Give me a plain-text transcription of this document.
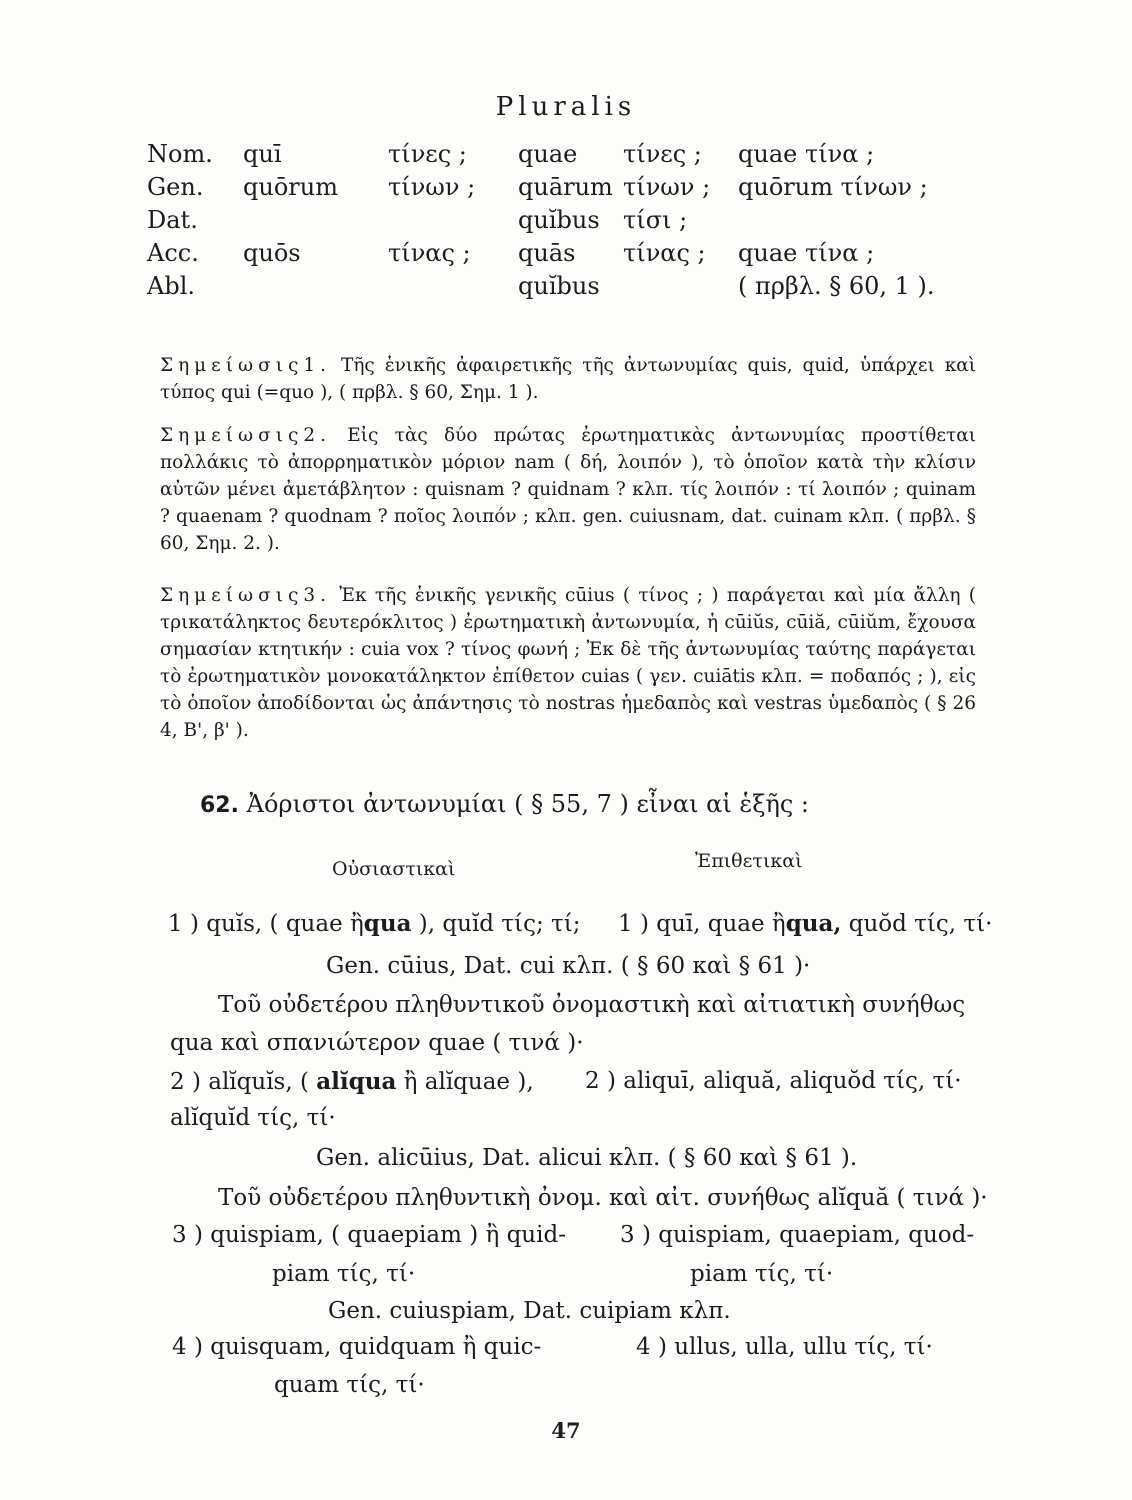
Pluralis
Nom.	quī	τίνες ;	quae	τίνες ;	quae τίνα ;
Gen.	quōrum	τίνων ;	quārum	τίνων ;	quōrum τίνων ;
Dat.			quĭbus	τίσι ;	
Acc.	quōs	τίνας ;	quās	τίνας ;	quae τίνα ;
Abl.			quĭbus		( πρβλ. § 60, 1 ).

Σημείωσις1. Τῆς ἑνικῆς ἀφαιρετικῆς τῆς ἀντωνυμίας quis, quid, ὑπάρχει καὶ τύπος qui (=quo ), ( πρβλ. § 60, Σημ. 1 ).

Σημείωσις2. Εἰς τὰς δύο πρώτας ἐρωτηματικὰς ἀντωνυμίας προστίθεται πολλάκις τὸ ἀπορρηματικὸν μόριον nam ( δή, λοιπόν ), τὸ ὁποῖον κατὰ τὴν κλίσιν αὐτῶν μένει ἀμετάβλητον : quisnam ? quidnam ? κλπ. τίς λοιπόν : τί λοιπόν ; quinam ? quaenam ? quodnam ? ποῖος λοιπόν ; κλπ. gen. cuiusnam, dat. cuinam κλπ. ( πρβλ. § 60, Σημ. 2. ).

Σημείωσις3. Ἐκ τῆς ἑνικῆς γενικῆς cūius ( τίνος ; ) παράγεται καὶ μία ἄλλη ( τρικατάληκτος δευτερόκλιτος ) ἐρωτηματικὴ ἀντωνυμία, ἡ cūiŭs, cūiă, cūiŭm, ἔχουσα σημασίαν κτητικήν : cuia vox ? τίνος φωνή ; Ἐκ δὲ τῆς ἀντωνυμίας ταύτης παράγεται τὸ ἐρωτηματικὸν μονοκατάληκτον ἐπίθετον cuias ( γεν. cuiātis κλπ. = ποδαπός ; ), εἰς τὸ ὁποῖον ἀποδίδονται ὡς ἀπάντησις τὸ nostras ἡμεδαπὸς καὶ vestras ὑμεδαπὸς ( § 26 4, Β', β' ).

62. Ἀόριστοι ἀντωνυμίαι ( § 55, 7 ) εἶναι αἱ ἑξῆς :
Οὐσιαστικαὶ	Ἐπιθετικαὶ
1 ) quĭs, ( quae ἢqua ), quĭd τίς; τί; 1 ) quī, quae ἢqua, quŏd τίς, τί·
Gen. cūius, Dat. cui κλπ. ( § 60 καὶ § 61 )·
Τοῦ οὐδετέρου πληθυντικοῦ ὀνομαστικὴ καὶ αἰτιατικὴ συνήθως
qua καὶ σπανιώτερον quae ( τινά )·
2 ) alĭquĭs, ( alĭqua ἢ alĭquae ), 2 ) aliquī, aliquă, aliquŏd τίς, τί·
alĭquĭd τίς, τί·
Gen. alicūius, Dat. alicui κλπ. ( § 60 καὶ § 61 ).
Τοῦ οὐδετέρου πληθυντικὴ ὀνομ. καὶ αἰτ. συνήθως alĭquă ( τινά )·
3 ) quispiam, ( quaepiam ) ἢ quid- 3 ) quispiam, quaepiam, quod-
piam τίς, τί·	piam τίς, τί·
Gen. cuiuspiam, Dat. cuipiam κλπ.
4 ) quisquam, quidquam ἢ quic-	4 ) ullus, ulla, ullu τίς, τί·
quam τίς, τί·
47
